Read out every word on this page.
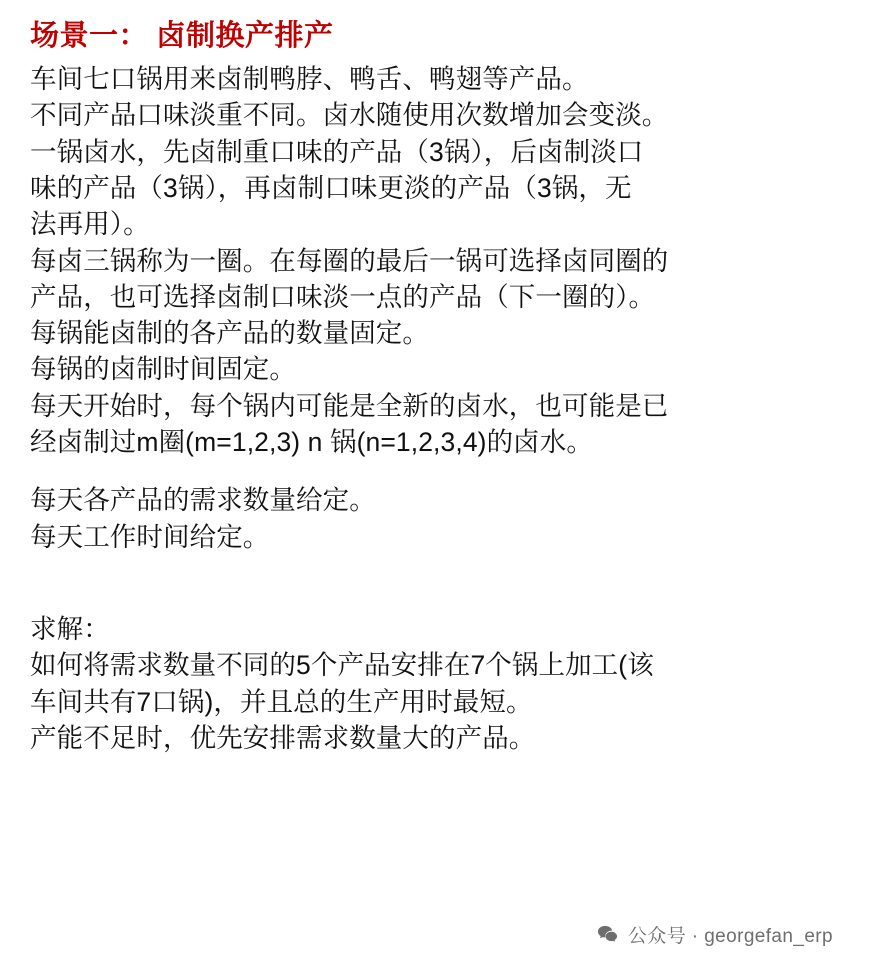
场景一： 卤制换产排产

车间七口锅用来卤制鸭脖、鸭舌、鸭翅等产品。

不同产品口味淡重不同。卤水随使用次数增加会变淡。

一锅卤水，先卤制重口味的产品（3锅），后卤制淡口

味的产品（3锅），再卤制口味更淡的产品（3锅，无

法再用）。

每卤三锅称为一圈。在每圈的最后一锅可选择卤同圈的

产品，也可选择卤制口味淡一点的产品（下一圈的）。

每锅能卤制的各产品的数量固定。

每锅的卤制时间固定。

每天开始时，每个锅内可能是全新的卤水，也可能是已

经卤制过m圈(m=1,2,3) n 锅(n=1,2,3,4)的卤水。

每天各产品的需求数量给定。

每天工作时间给定。

求解：

如何将需求数量不同的5个产品安排在7个锅上加工(该

车间共有7口锅)，并且总的生产用时最短。

产能不足时，优先安排需求数量大的产品。

公众号 · georgefan_erp
